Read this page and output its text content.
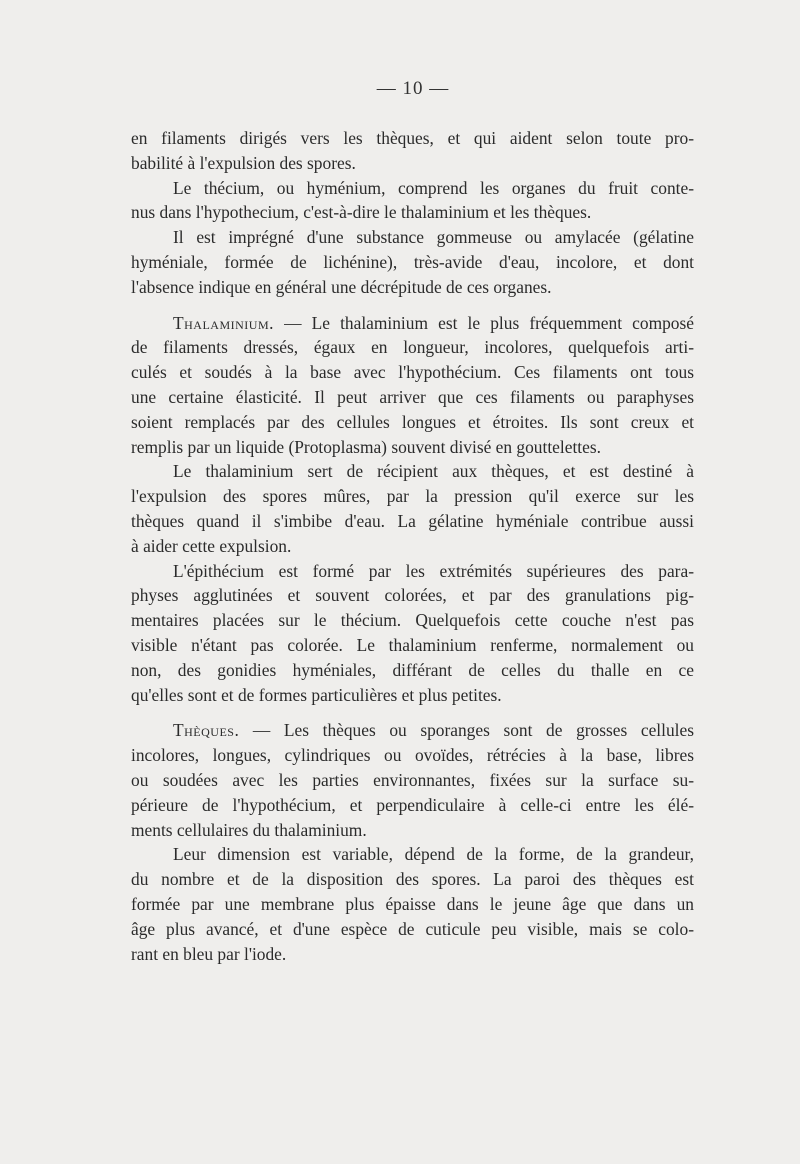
— 10 —
en filaments dirigés vers les thèques, et qui aident selon toute pro-
babilité à l'expulsion des spores.
Le thécium, ou hyménium, comprend les organes du fruit conte-
nus dans l'hypothecium, c'est-à-dire le thalaminium et les thèques.
Il est imprégné d'une substance gommeuse ou amylacée (gélatine
hyméniale, formée de lichénine), très-avide d'eau, incolore, et dont
l'absence indique en général une décrépitude de ces organes.
Thalaminium. — Le thalaminium est le plus fréquemment composé
de filaments dressés, égaux en longueur, incolores, quelquefois arti-
culés et soudés à la base avec l'hypothécium. Ces filaments ont tous
une certaine élasticité. Il peut arriver que ces filaments ou paraphyses
soient remplacés par des cellules longues et étroites. Ils sont creux et
remplis par un liquide (Protoplasma) souvent divisé en gouttelettes.
Le thalaminium sert de récipient aux thèques, et est destiné à
l'expulsion des spores mûres, par la pression qu'il exerce sur les
thèques quand il s'imbibe d'eau. La gélatine hyméniale contribue aussi
à aider cette expulsion.
L'épithécium est formé par les extrémités supérieures des para-
physes agglutinées et souvent colorées, et par des granulations pig-
mentaires placées sur le thécium. Quelquefois cette couche n'est pas
visible n'étant pas colorée. Le thalaminium renferme, normalement ou
non, des gonidies hyméniales, différant de celles du thalle en ce
qu'elles sont et de formes particulières et plus petites.
Thèques. — Les thèques ou sporanges sont de grosses cellules
incolores, longues, cylindriques ou ovoïdes, rétrécies à la base, libres
ou soudées avec les parties environnantes, fixées sur la surface su-
périeure de l'hypothécium, et perpendiculaire à celle-ci entre les élé-
ments cellulaires du thalaminium.
Leur dimension est variable, dépend de la forme, de la grandeur,
du nombre et de la disposition des spores. La paroi des thèques est
formée par une membrane plus épaisse dans le jeune âge que dans un
âge plus avancé, et d'une espèce de cuticule peu visible, mais se colo-
rant en bleu par l'iode.
